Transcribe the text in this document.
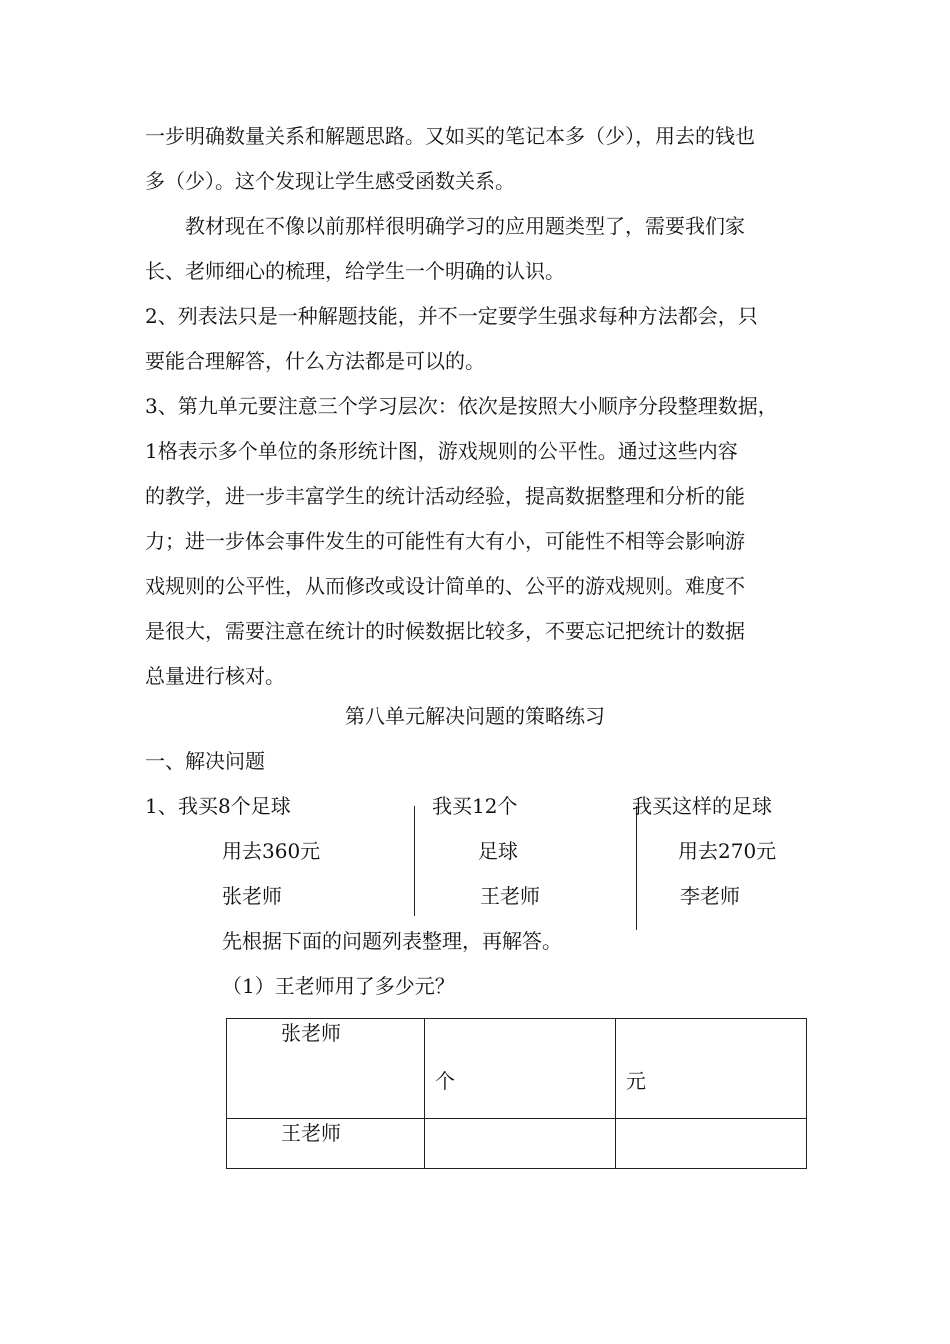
一步明确数量关系和解题思路。又如买的笔记本多（少），用去的钱也
多（少）。这个发现让学生感受函数关系。
　　教材现在不像以前那样很明确学习的应用题类型了，需要我们家
长、老师细心的梳理，给学生一个明确的认识。
2、列表法只是一种解题技能，并不一定要学生强求每种方法都会，只
要能合理解答，什么方法都是可以的。
3、第九单元要注意三个学习层次：依次是按照大小顺序分段整理数据，
1格表示多个单位的条形统计图，游戏规则的公平性。通过这些内容
的教学，进一步丰富学生的统计活动经验，提高数据整理和分析的能
力；进一步体会事件发生的可能性有大有小，可能性不相等会影响游
戏规则的公平性，从而修改或设计简单的、公平的游戏规则。难度不
是很大，需要注意在统计的时候数据比较多，不要忘记把统计的数据
总量进行核对。
第八单元解决问题的策略练习
一、解决问题
1、 我买8个足球
用去360元
张老师
我买12个
足球
王老师
我买这样的足球
用去270元
李老师
先根据下面的问题列表整理，再解答。
（1）王老师用了多少元？
张老师	个	元

王老师		
